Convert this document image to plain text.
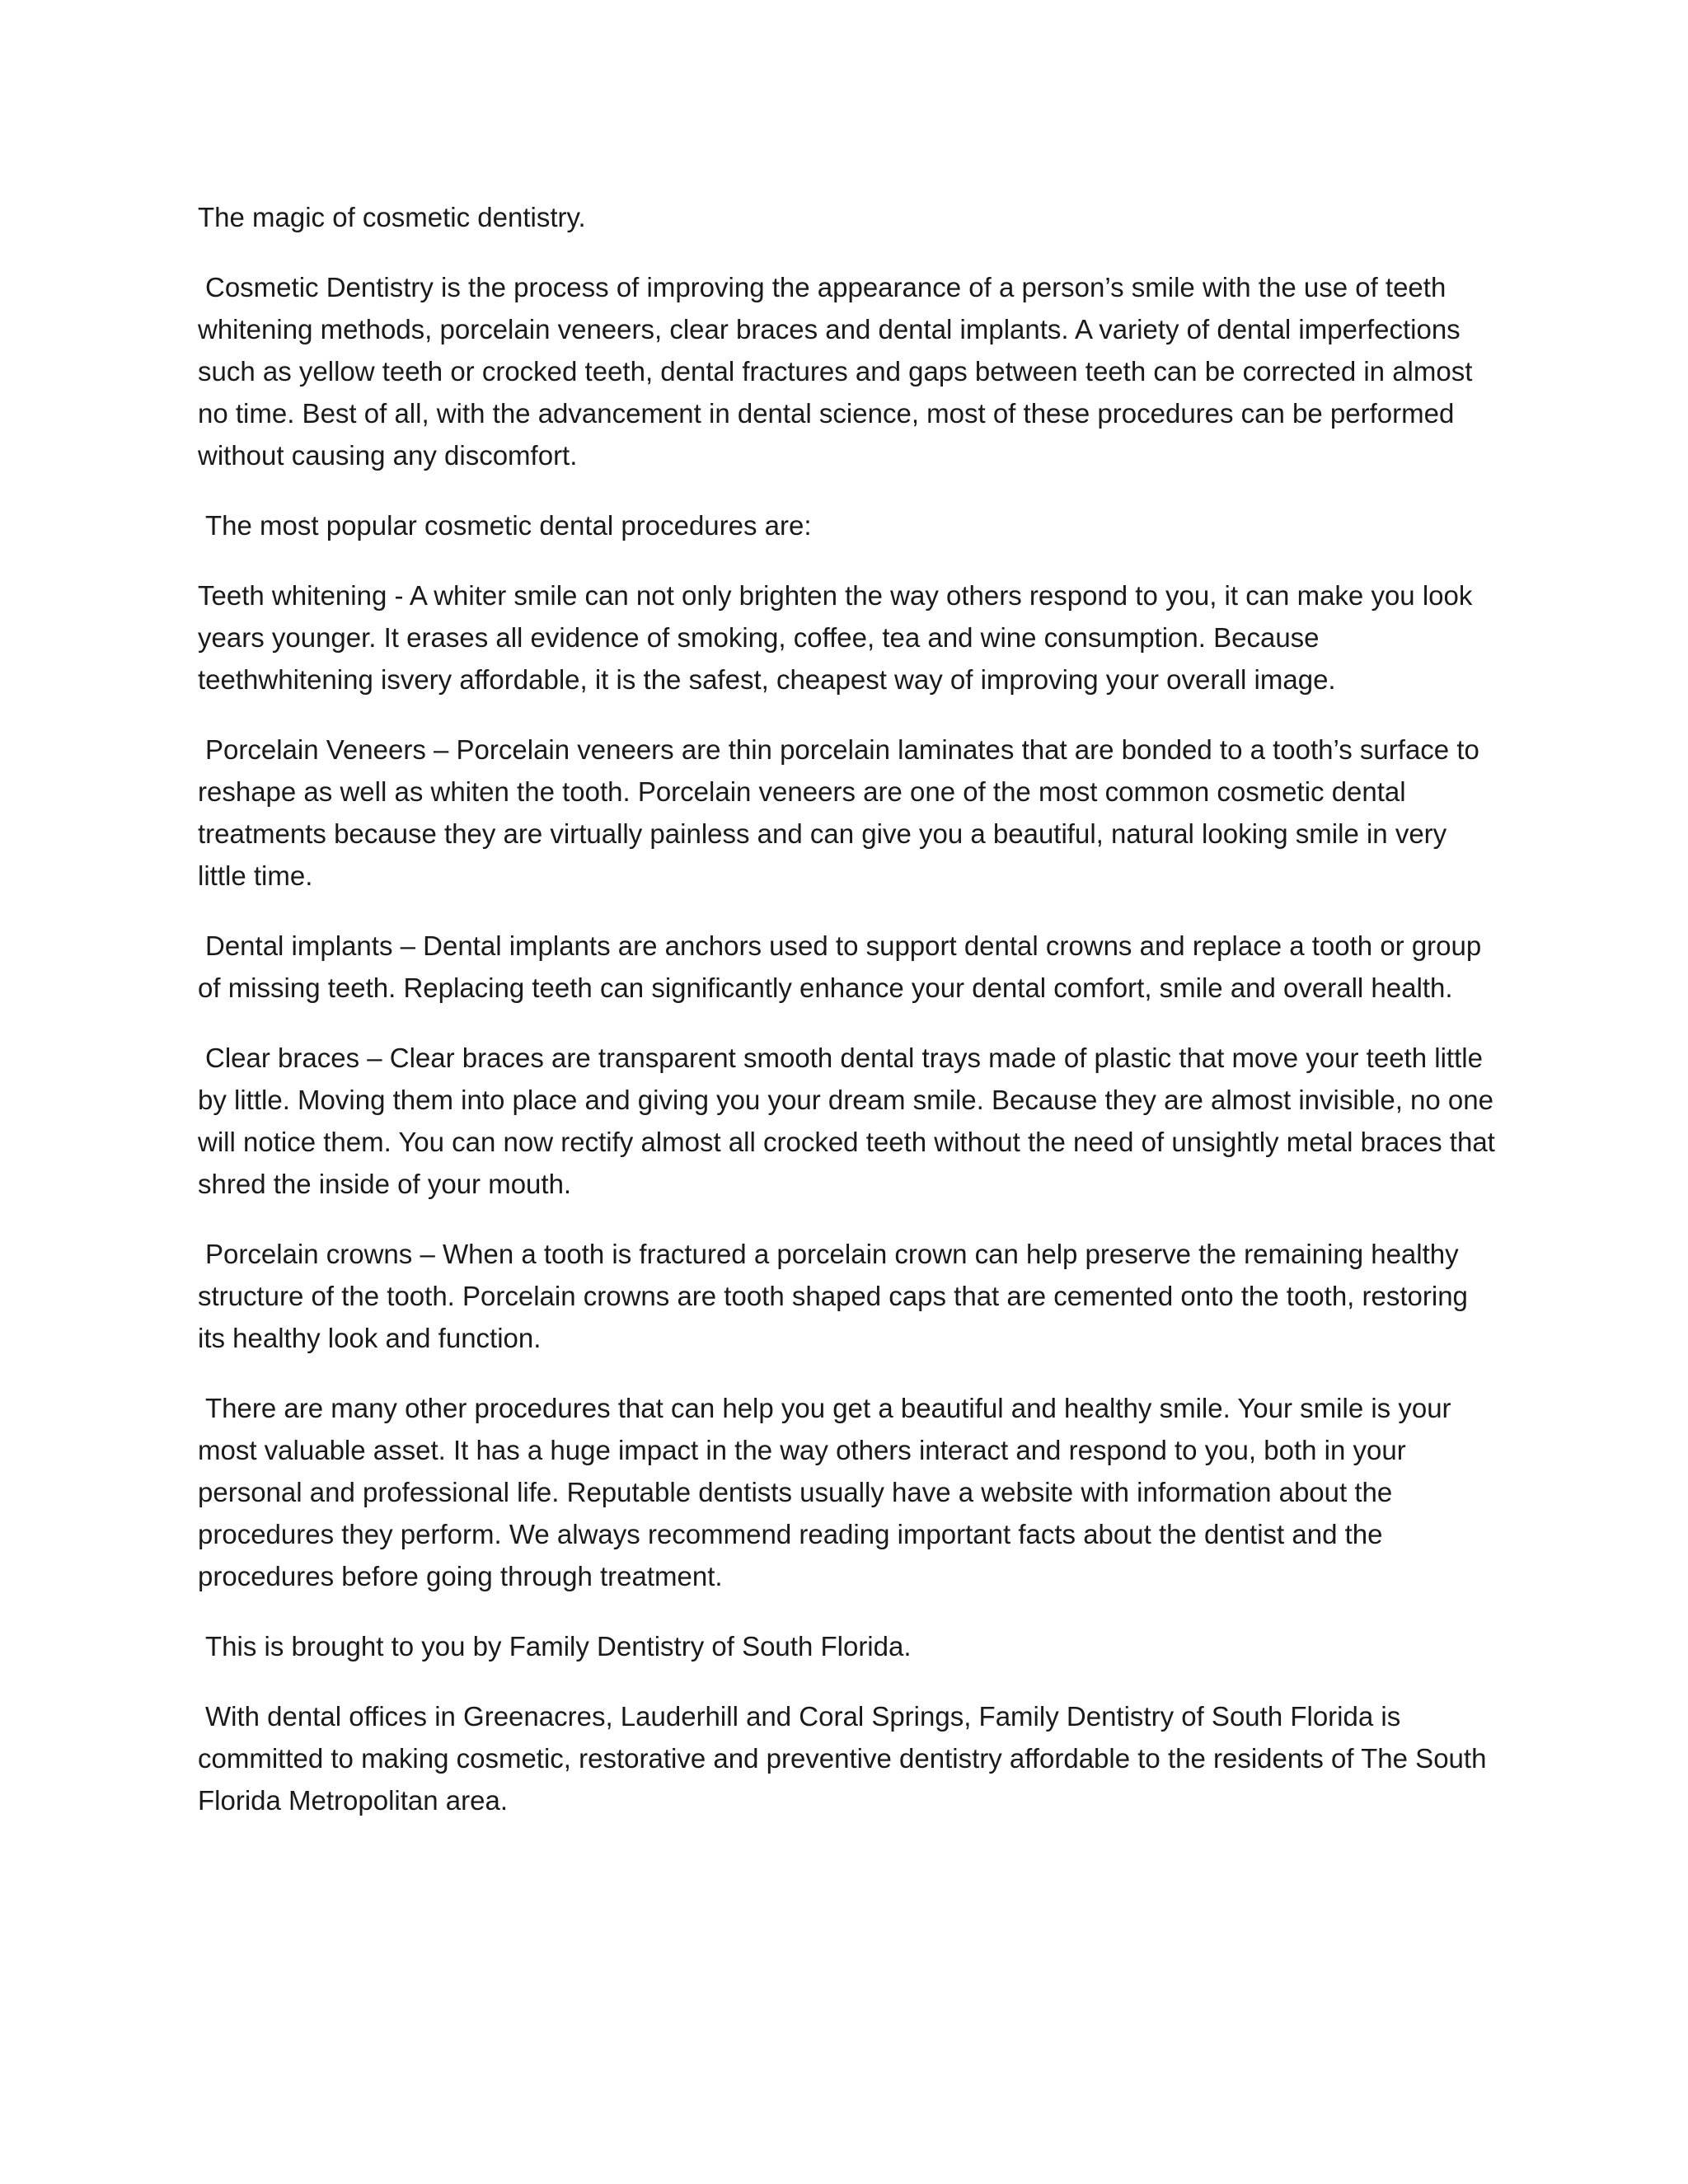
The magic of cosmetic dentistry.

Cosmetic Dentistry is the process of improving the appearance of a person’s smile with the use of teeth whitening methods, porcelain veneers, clear braces and dental implants. A variety of dental imperfections such as yellow teeth or crocked teeth, dental fractures and gaps between teeth can be corrected in almost no time. Best of all, with the advancement in dental science, most of these procedures can be performed without causing any discomfort.

The most popular cosmetic dental procedures are:

Teeth whitening - A whiter smile can not only brighten the way others respond to you, it can make you look years younger. It erases all evidence of smoking, coffee, tea and wine consumption. Because teethwhitening isvery affordable, it is the safest, cheapest way of improving your overall image.

Porcelain Veneers – Porcelain veneers are thin porcelain laminates that are bonded to a tooth’s surface to reshape as well as whiten the tooth. Porcelain veneers are one of the most common cosmetic dental treatments because they are virtually painless and can give you a beautiful, natural looking smile in very little time.

Dental implants – Dental implants are anchors used to support dental crowns and replace a tooth or group of missing teeth. Replacing teeth can significantly enhance your dental comfort, smile and overall health.

Clear braces – Clear braces are transparent smooth dental trays made of plastic that move your teeth little by little. Moving them into place and giving you your dream smile. Because they are almost invisible, no one will notice them. You can now rectify almost all crocked teeth without the need of unsightly metal braces that shred the inside of your mouth.

Porcelain crowns – When a tooth is fractured a porcelain crown can help preserve the remaining healthy structure of the tooth. Porcelain crowns are tooth shaped caps that are cemented onto the tooth, restoring its healthy look and function.

There are many other procedures that can help you get a beautiful and healthy smile. Your smile is your most valuable asset. It has a huge impact in the way others interact and respond to you, both in your personal and professional life. Reputable dentists usually have a website with information about the procedures they perform. We always recommend reading important facts about the dentist and the procedures before going through treatment.

This is brought to you by Family Dentistry of South Florida.

With dental offices in Greenacres, Lauderhill and Coral Springs, Family Dentistry of South Florida is committed to making cosmetic, restorative and preventive dentistry affordable to the residents of The South Florida Metropolitan area.
